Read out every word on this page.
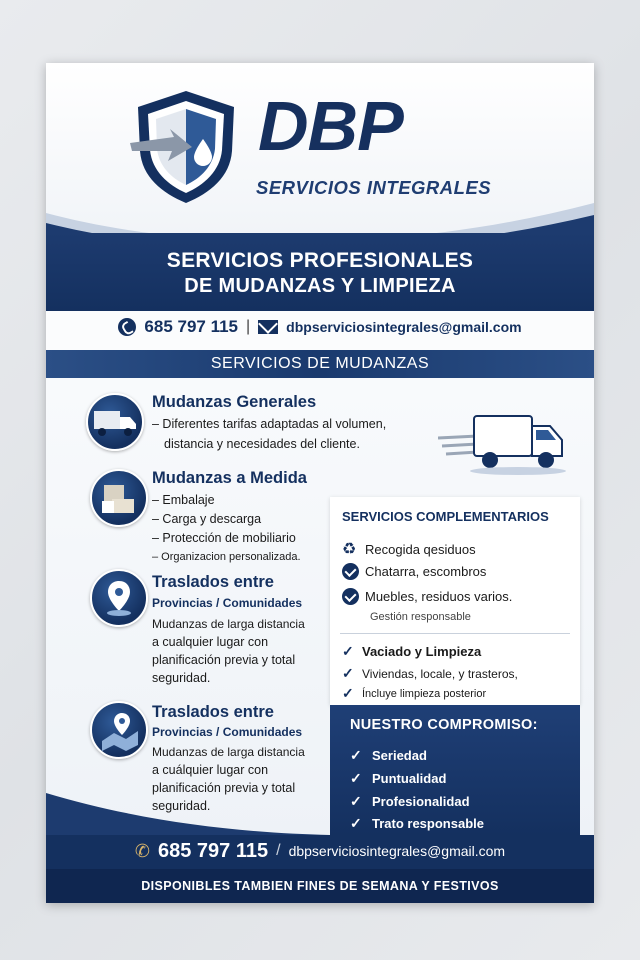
DBP
SERVICIOS INTEGRALES
SERVICIOS PROFESIONALES
DE MUDANZAS Y LIMPIEZA
685 797 115 |	dbpserviciosintegrales@gmail.com
SERVICIOS DE MUDANZAS
Mudanzas Generales
– Diferentes tarifas adaptadas al volumen,
distancia y necesidades del cliente.
Mudanzas a Medida
– Embalaje
– Carga y descarga
– Protección de mobiliario
– Organizacion personalizada.
Traslados entre
Provincias / Comunidades
Mudanzas de larga distancia
a cualquier lugar con
planificación previa y total
seguridad.
Traslados entre
Provincias / Comunidades
Mudanzas de larga distancia
a cuálquier lugar con
planificación previa y total
seguridad.
SERVICIOS COMPLEMENTARIOS
♻ Recogida qesiduos
Chatarra, escombros
Muebles, residuos varios.
Gestión responsable
✓ Vaciado y Limpieza
✓ Viviendas, locale, y trasteros,
✓ Íncluye limpieza posterior
NUESTRO COMPROMISO:
✓ Seriedad
✓ Puntualidad
✓ Profesionalidad
✓ Trato responsable
✆ 685 797 115 / dbpserviciosintegrales@gmail.com
DISPONIBLES TAMBIEN FINES DE SEMANA Y FESTIVOS
